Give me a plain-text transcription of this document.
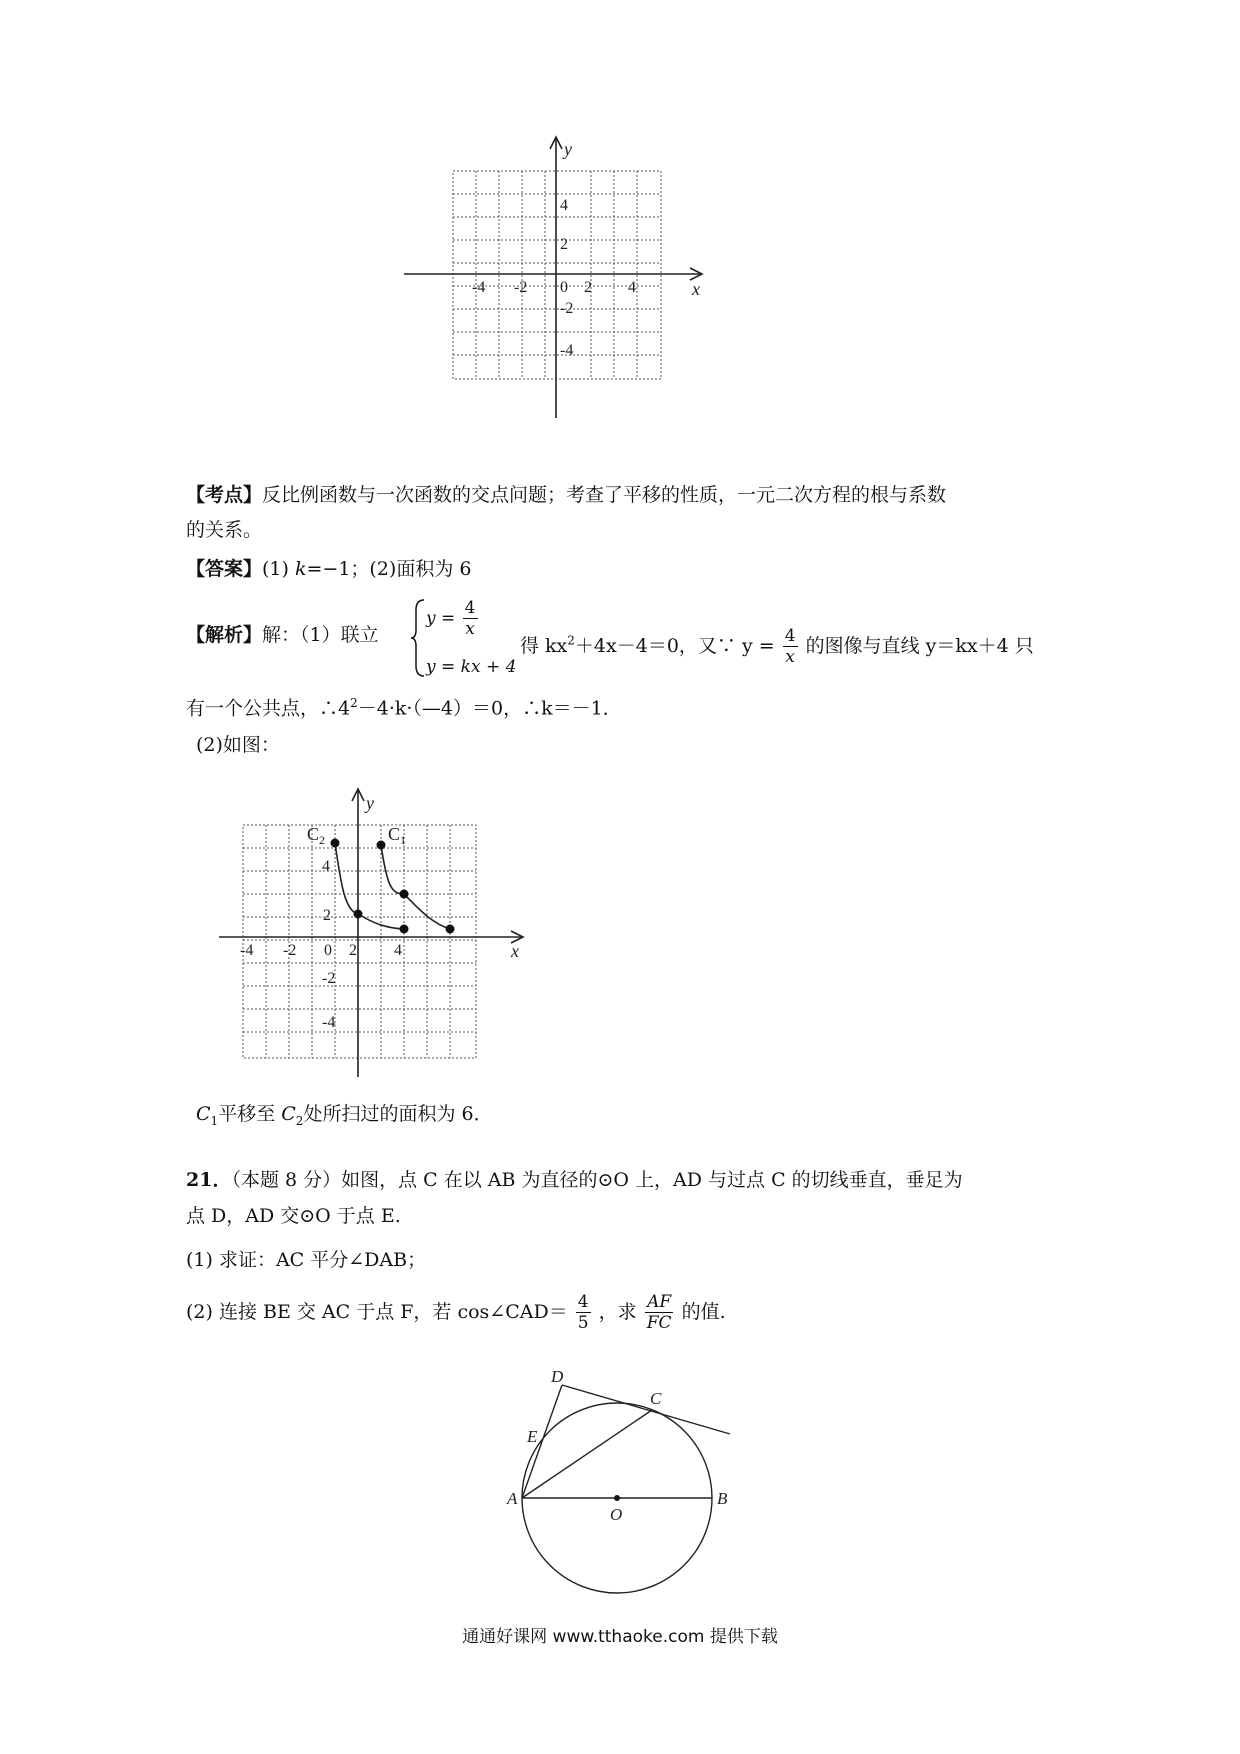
x
y
-4 -2 0 2 4
4
2
-2
-4
【考点】反比例函数与一次函数的交点问题；考查了平移的性质，一元二次方程的根与系数
的关系。
【答案】(1) k=−1；(2)面积为 6
【解析】解：（1）联立
$y = \frac{4}{x}$
y = kx + 4
得 $kx^2+4x-4=0$，又∵ $y = \frac{4}{x}$ 的图像与直线 y＝kx＋4 只
有一个公共点，$\therefore 4^2-4\cdot k\cdot(—4)=0$，∴k＝－1．
(2)如图：
x
y
-4 -2 0 2 4
4
2
-2
-4
$C_2$	$C_1$
$C_1$平移至 $C_2$处所扫过的面积为 6．
21．（本题 8 分）如图，点 C 在以 AB 为直径的⊙O 上，AD 与过点 C 的切线垂直，垂足为
点 D，AD 交⊙O 于点 E.
(1) 求证：AC 平分∠DAB；
(2) 连接 BE 交 AC 于点 F，若 cos∠CAD＝ $\frac{4}{5}$ ，求 $\frac{AF}{FC}$ 的值.
D
C
E
A
O
B
通通好课网 www.tthaoke.com 提供下载
